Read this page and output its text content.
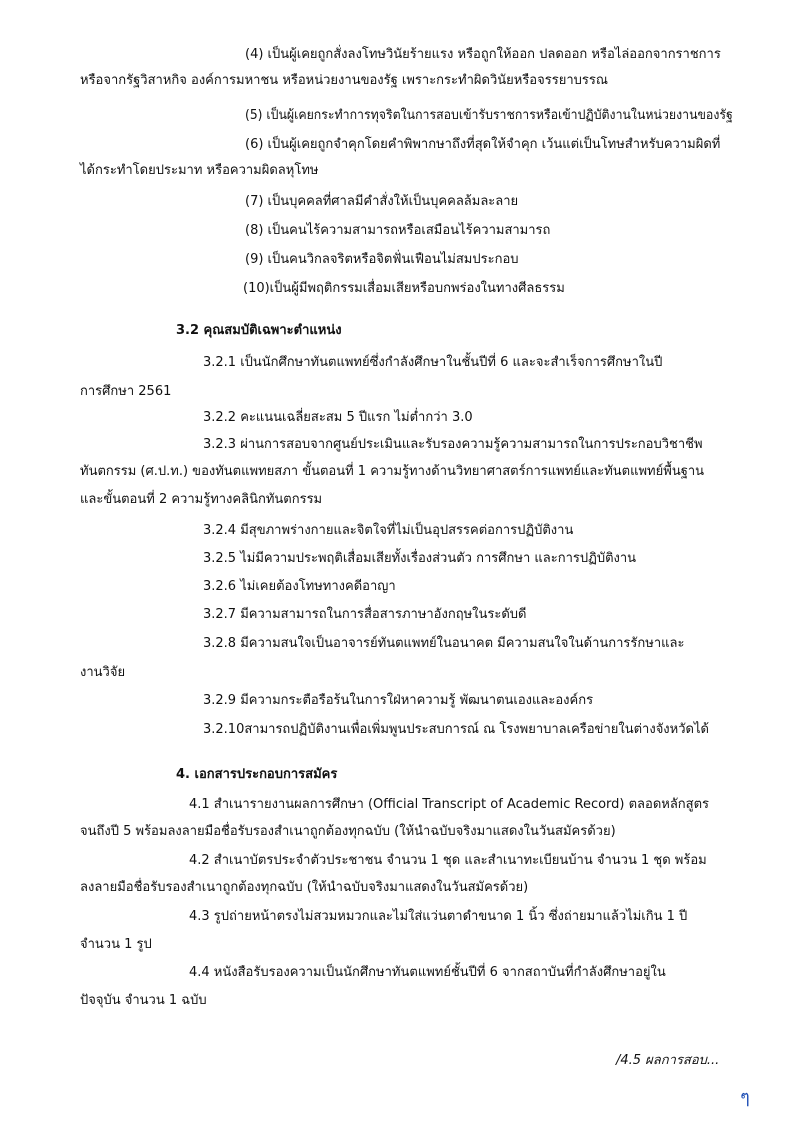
(4) เป็นผู้เคยถูกสั่งลงโทษวินัยร้ายแรง หรือถูกให้ออก ปลดออก หรือไล่ออกจากราชการ
หรือจากรัฐวิสาหกิจ องค์การมหาชน หรือหน่วยงานของรัฐ เพราะกระทำผิดวินัยหรือจรรยาบรรณ
(5) เป็นผู้เคยกระทำการทุจริตในการสอบเข้ารับราชการหรือเข้าปฏิบัติงานในหน่วยงานของรัฐ
(6) เป็นผู้เคยถูกจำคุกโดยคำพิพากษาถึงที่สุดให้จำคุก เว้นแต่เป็นโทษสำหรับความผิดที่
ได้กระทำโดยประมาท หรือความผิดลหุโทษ
(7) เป็นบุคคลที่ศาลมีคำสั่งให้เป็นบุคคลล้มละลาย
(8) เป็นคนไร้ความสามารถหรือเสมือนไร้ความสามารถ
(9) เป็นคนวิกลจริตหรือจิตฟั่นเฟือนไม่สมประกอบ
(10)เป็นผู้มีพฤติกรรมเสื่อมเสียหรือบกพร่องในทางศีลธรรม
3.2 คุณสมบัติเฉพาะตำแหน่ง
3.2.1 เป็นนักศึกษาทันตแพทย์ซึ่งกำลังศึกษาในชั้นปีที่ 6 และจะสำเร็จการศึกษาในปี
การศึกษา 2561
3.2.2 คะแนนเฉลี่ยสะสม 5 ปีแรก ไม่ต่ำกว่า 3.0
3.2.3 ผ่านการสอบจากศูนย์ประเมินและรับรองความรู้ความสามารถในการประกอบวิชาชีพ
ทันตกรรม (ศ.ป.ท.) ของทันตแพทยสภา ขั้นตอนที่ 1 ความรู้ทางด้านวิทยาศาสตร์การแพทย์และทันตแพทย์พื้นฐาน
และขั้นตอนที่ 2 ความรู้ทางคลินิกทันตกรรม
3.2.4 มีสุขภาพร่างกายและจิตใจที่ไม่เป็นอุปสรรคต่อการปฏิบัติงาน
3.2.5 ไม่มีความประพฤติเสื่อมเสียทั้งเรื่องส่วนตัว การศึกษา และการปฏิบัติงาน
3.2.6 ไม่เคยต้องโทษทางคดีอาญา
3.2.7 มีความสามารถในการสื่อสารภาษาอังกฤษในระดับดี
3.2.8 มีความสนใจเป็นอาจารย์ทันตแพทย์ในอนาคต มีความสนใจในด้านการรักษาและ
งานวิจัย
3.2.9 มีความกระตือรือร้นในการใฝ่หาความรู้ พัฒนาตนเองและองค์กร
3.2.10สามารถปฏิบัติงานเพื่อเพิ่มพูนประสบการณ์ ณ โรงพยาบาลเครือข่ายในต่างจังหวัดได้
4. เอกสารประกอบการสมัคร
4.1 สำเนารายงานผลการศึกษา (Official Transcript of Academic Record) ตลอดหลักสูตร
จนถึงปี 5 พร้อมลงลายมือชื่อรับรองสำเนาถูกต้องทุกฉบับ (ให้นำฉบับจริงมาแสดงในวันสมัครด้วย)
4.2 สำเนาบัตรประจำตัวประชาชน จำนวน 1 ชุด และสำเนาทะเบียนบ้าน จำนวน 1 ชุด พร้อม
ลงลายมือชื่อรับรองสำเนาถูกต้องทุกฉบับ (ให้นำฉบับจริงมาแสดงในวันสมัครด้วย)
4.3 รูปถ่ายหน้าตรงไม่สวมหมวกและไม่ใส่แว่นตาดำขนาด 1 นิ้ว ซึ่งถ่ายมาแล้วไม่เกิน 1 ปี
จำนวน 1 รูป
4.4 หนังสือรับรองความเป็นนักศึกษาทันตแพทย์ชั้นปีที่ 6 จากสถาบันที่กำลังศึกษาอยู่ใน
ปัจจุบัน จำนวน 1 ฉบับ
/4.5 ผลการสอบ...
ๆ
